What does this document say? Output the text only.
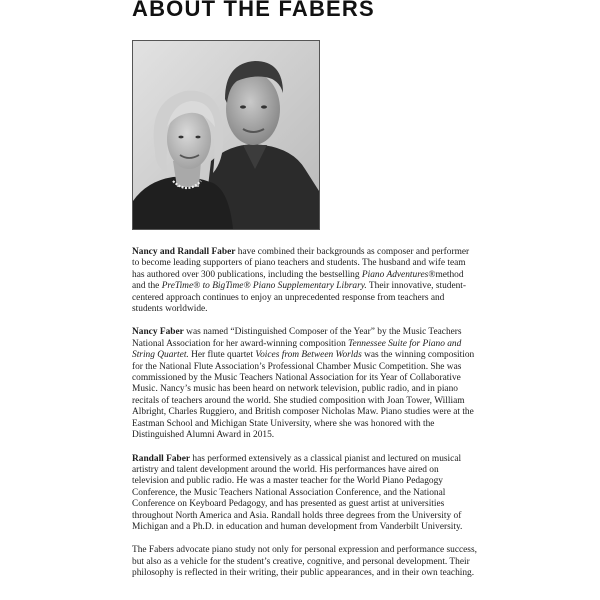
ABOUT THE FABERS

Nancy and Randall Faber have combined their backgrounds as composer and performer to become leading supporters of piano teachers and students. The husband and wife team has authored over 300 publications, including the bestselling Piano Adventures®method and the PreTime® to BigTime® Piano Supplementary Library. Their innovative, student-centered approach continues to enjoy an unprecedented response from teachers and students worldwide.

Nancy Faber was named “Distinguished Composer of the Year” by the Music Teachers National Association for her award-winning composition Tennessee Suite for Piano and String Quartet. Her flute quartet Voices from Between Worlds was the winning composition for the National Flute Association’s Professional Chamber Music Competition. She was commissioned by the Music Teachers National Association for its Year of Collaborative Music. Nancy’s music has been heard on network television, public radio, and in piano recitals of teachers around the world. She studied composition with Joan Tower, William Albright, Charles Ruggiero, and British composer Nicholas Maw. Piano studies were at the Eastman School and Michigan State University, where she was honored with the Distinguished Alumni Award in 2015.

Randall Faber has performed extensively as a classical pianist and lectured on musical artistry and talent development around the world. His performances have aired on television and public radio. He was a master teacher for the World Piano Pedagogy Conference, the Music Teachers National Association Conference, and the National Conference on Keyboard Pedagogy, and has presented as guest artist at universities throughout North America and Asia. Randall holds three degrees from the University of Michigan and a Ph.D. in education and human development from Vanderbilt University.

The Fabers advocate piano study not only for personal expression and performance success, but also as a vehicle for the student’s creative, cognitive, and personal development. Their philosophy is reflected in their writing, their public appearances, and in their own teaching.
